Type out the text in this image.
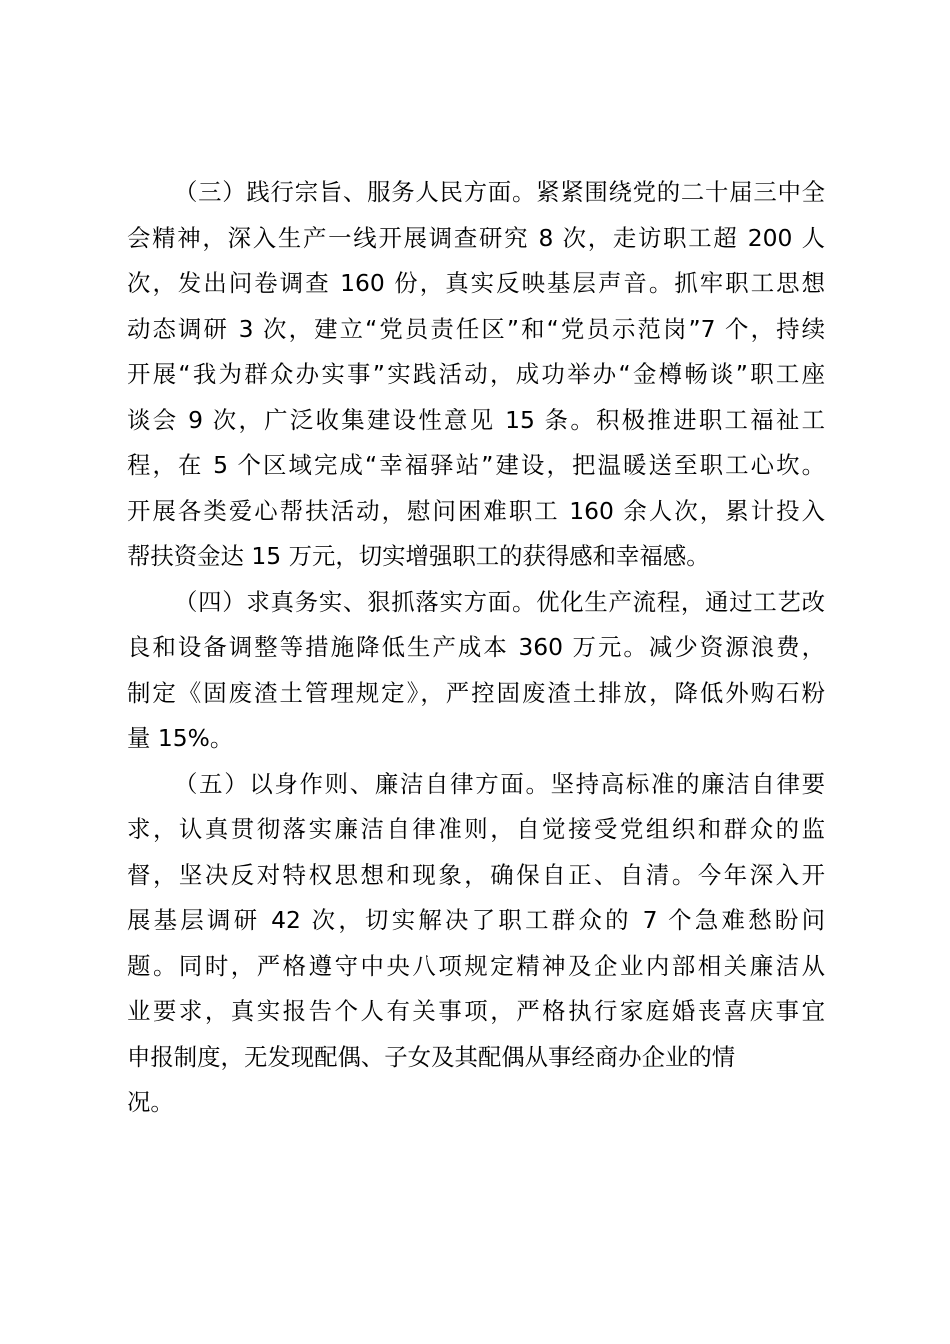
（三）践行宗旨、服务人民方面。紧紧围绕党的二十届三中全
会精神，深入生产一线开展调查研究 8 次，走访职工超 200 人
次，发出问卷调查 160 份，真实反映基层声音。抓牢职工思想
动态调研 3 次，建立“党员责任区”和“党员示范岗”7 个，持续
开展“我为群众办实事”实践活动，成功举办“金樽畅谈”职工座
谈会 9 次，广泛收集建设性意见 15 条。积极推进职工福祉工
程，在 5 个区域完成“幸福驿站”建设，把温暖送至职工心坎。
开展各类爱心帮扶活动，慰问困难职工 160 余人次，累计投入
帮扶资金达 15 万元，切实增强职工的获得感和幸福感。
（四）求真务实、狠抓落实方面。优化生产流程，通过工艺改
良和设备调整等措施降低生产成本 360 万元。减少资源浪费，
制定《固废渣土管理规定》，严控固废渣土排放，降低外购石粉
量 15%。
（五）以身作则、廉洁自律方面。坚持高标准的廉洁自律要
求，认真贯彻落实廉洁自律准则，自觉接受党组织和群众的监
督，坚决反对特权思想和现象，确保自正、自清。今年深入开
展基层调研 42 次，切实解决了职工群众的 7 个急难愁盼问
题。同时，严格遵守中央八项规定精神及企业内部相关廉洁从
业要求，真实报告个人有关事项，严格执行家庭婚丧喜庆事宜
申报制度，无发现配偶、子女及其配偶从事经商办企业的情
况。
